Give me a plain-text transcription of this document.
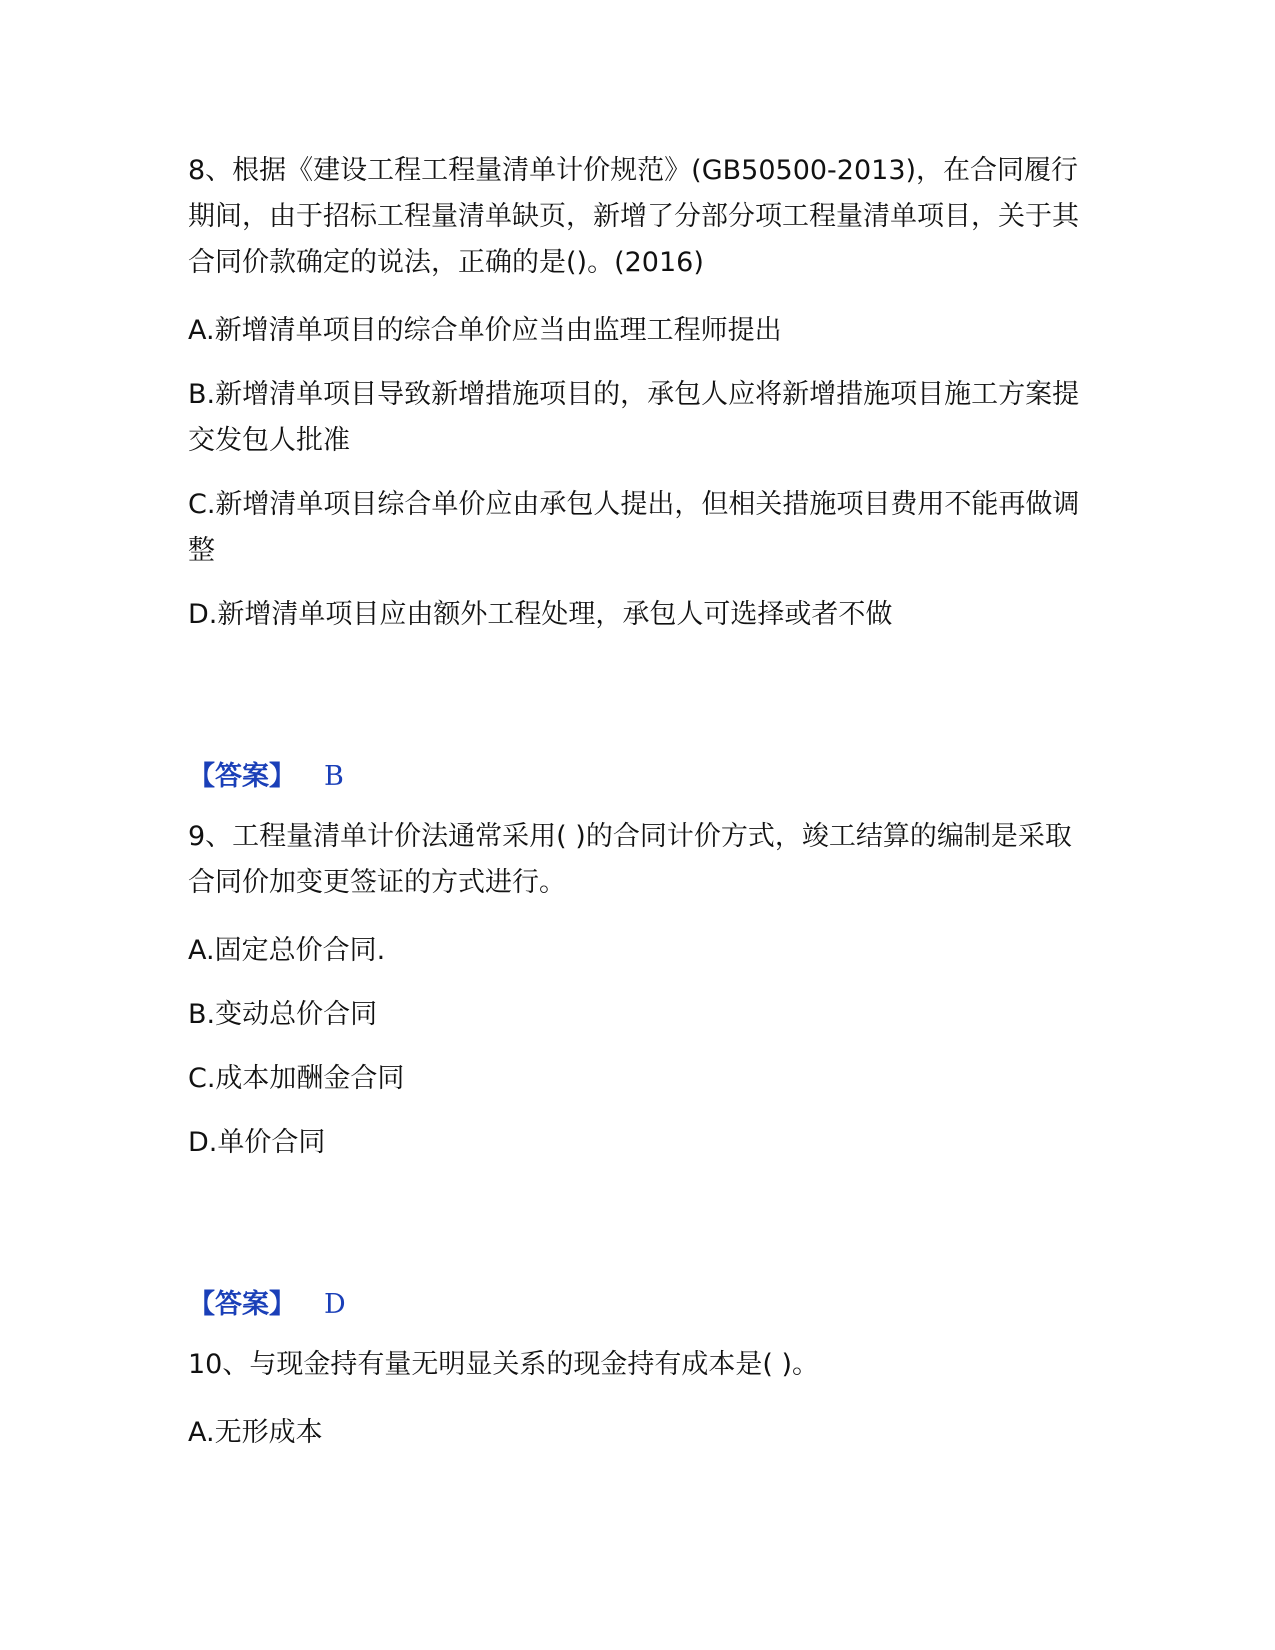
8、根据《建设工程工程量清单计价规范》(GB50500-2013)，在合同履行期间，由于招标工程量清单缺页，新增了分部分项工程量清单项目，关于其合同价款确定的说法，正确的是()。(2016)

A.新增清单项目的综合单价应当由监理工程师提出

B.新增清单项目导致新增措施项目的，承包人应将新增措施项目施工方案提交发包人批准

C.新增清单项目综合单价应由承包人提出，但相关措施项目费用不能再做调整

D.新增清单项目应由额外工程处理，承包人可选择或者不做

【答案】 B

9、工程量清单计价法通常采用( )的合同计价方式，竣工结算的编制是采取合同价加变更签证的方式进行。

A.固定总价合同.

B.变动总价合同

C.成本加酬金合同

D.单价合同

【答案】 D

10、与现金持有量无明显关系的现金持有成本是( )。

A.无形成本
